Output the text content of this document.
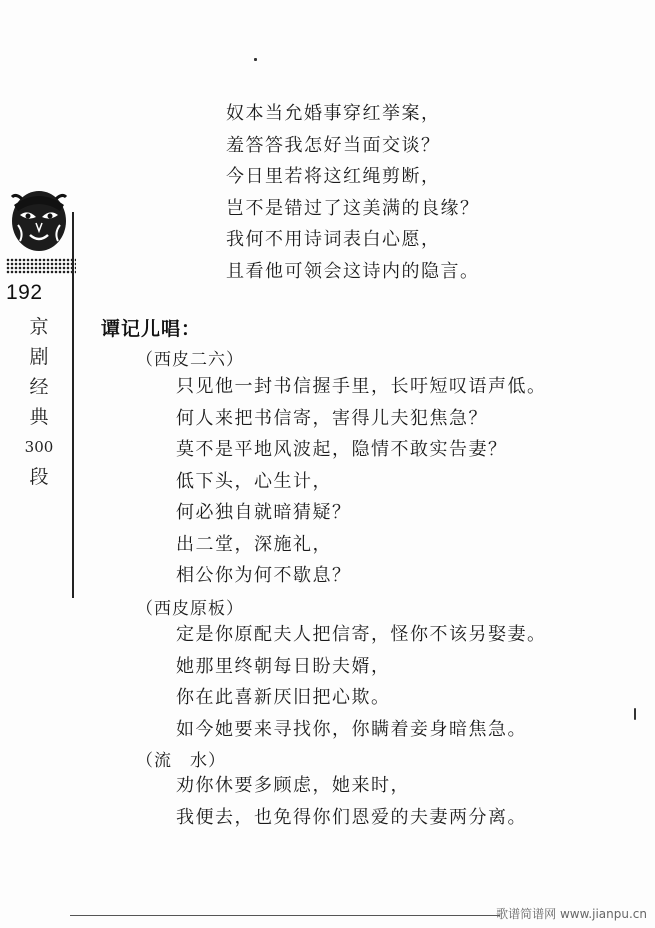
192
京
剧
经
典
300
段
奴本当允婚事穿红挙案，
羞答答我怎好当面交谈？
今日里若将这红绳剪断，
岂不是错过了这美满的良缘？
我何不用诗词表白心愿，
且看他可领会这诗内的隐言。
谭记儿唱：
（西皮二六）
只见他一封书信握手里，长吁短叹语声低。
何人来把书信寄，害得儿夫犯焦急？
莫不是平地风波起，隐情不敢实告妻？
低下头，心生计，
何必独自就暗猜疑？
出二堂，深施礼，
相公你为何不歇息？
（西皮原板）
定是你原配夫人把信寄，怪你不该另娶妻。
她那里终朝每日盼夫婿，
你在此喜新厌旧把心欺。
如今她要来寻找你，你瞒着妾身暗焦急。
（流　水）
劝你休要多顾虑，她来时，
我便去，也免得你们恩爱的夫妻两分离。
歌谱简谱网 www.jianpu.cn
